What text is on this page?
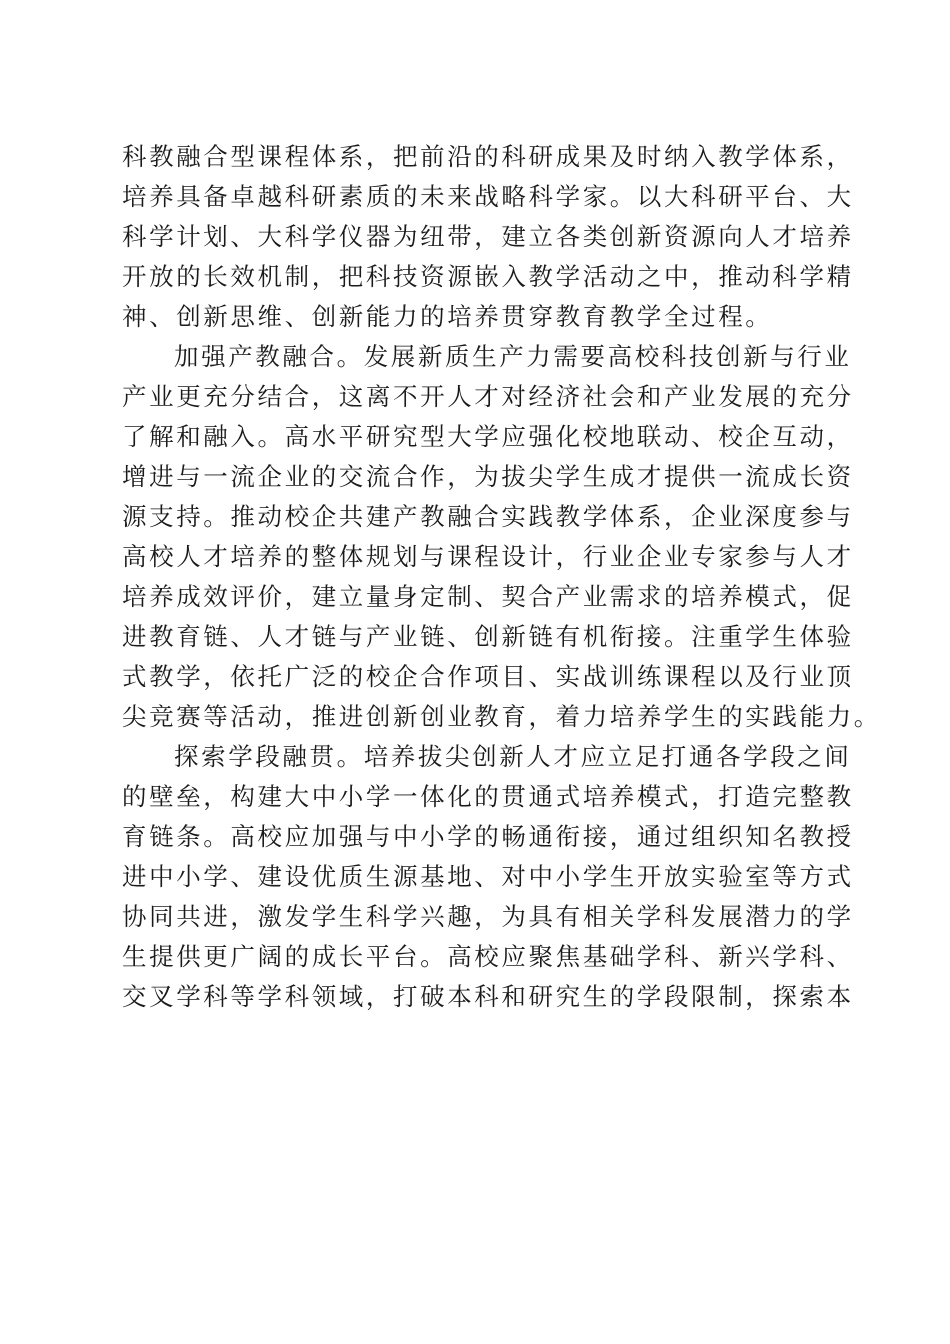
科教融合型课程体系，把前沿的科研成果及时纳入教学体系，
培养具备卓越科研素质的未来战略科学家。以大科研平台、大
科学计划、大科学仪器为纽带，建立各类创新资源向人才培养
开放的长效机制，把科技资源嵌入教学活动之中，推动科学精
神、创新思维、创新能力的培养贯穿教育教学全过程。
加强产教融合。发展新质生产力需要高校科技创新与行业
产业更充分结合，这离不开人才对经济社会和产业发展的充分
了解和融入。高水平研究型大学应强化校地联动、校企互动，
增进与一流企业的交流合作，为拔尖学生成才提供一流成长资
源支持。推动校企共建产教融合实践教学体系，企业深度参与
高校人才培养的整体规划与课程设计，行业企业专家参与人才
培养成效评价，建立量身定制、契合产业需求的培养模式，促
进教育链、人才链与产业链、创新链有机衔接。注重学生体验
式教学，依托广泛的校企合作项目、实战训练课程以及行业顶
尖竞赛等活动，推进创新创业教育，着力培养学生的实践能力。
探索学段融贯。培养拔尖创新人才应立足打通各学段之间
的壁垒，构建大中小学一体化的贯通式培养模式，打造完整教
育链条。高校应加强与中小学的畅通衔接，通过组织知名教授
进中小学、建设优质生源基地、对中小学生开放实验室等方式
协同共进，激发学生科学兴趣，为具有相关学科发展潜力的学
生提供更广阔的成长平台。高校应聚焦基础学科、新兴学科、
交叉学科等学科领域，打破本科和研究生的学段限制，探索本
